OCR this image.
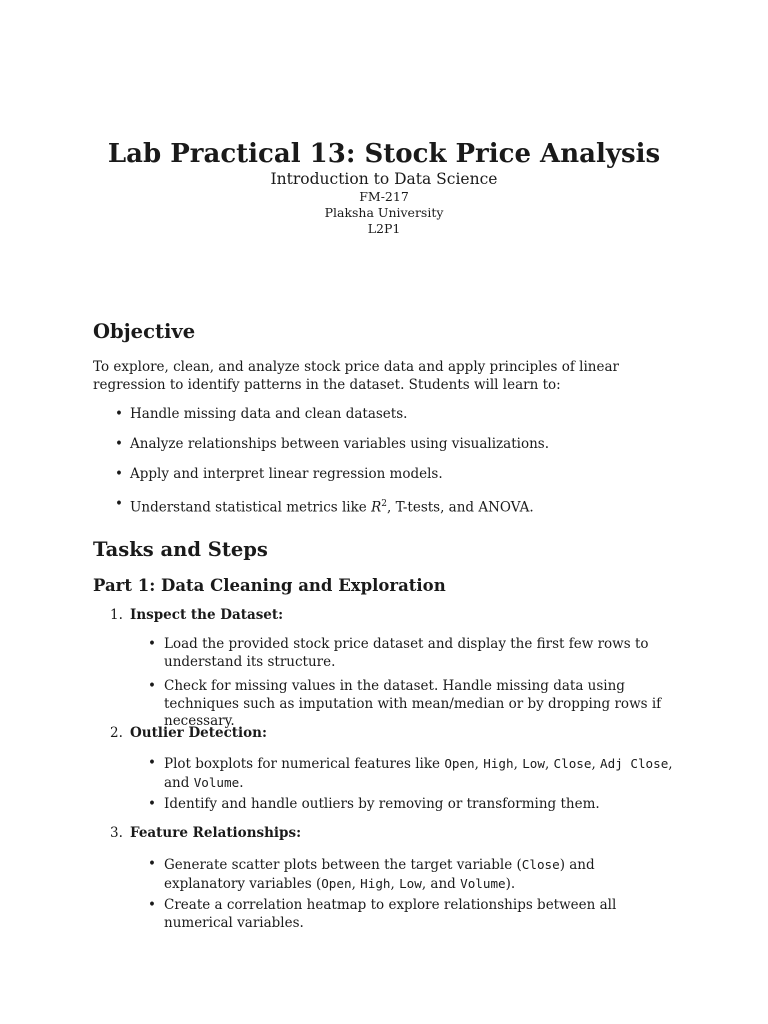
Lab Practical 13: Stock Price Analysis
Introduction to Data Science
FM-217
Plaksha University
L2P1
Objective
To explore, clean, and analyze stock price data and apply principles of linear regression to identify patterns in the dataset. Students will learn to:
• Handle missing data and clean datasets.
• Analyze relationships between variables using visualizations.
• Apply and interpret linear regression models.
• Understand statistical metrics like $R^2$, T-tests, and ANOVA.
Tasks and Steps
Part 1: Data Cleaning and Exploration
1. Inspect the Dataset:
• Load the provided stock price dataset and display the first few rows to understand its structure.
• Check for missing values in the dataset. Handle missing data using techniques such as imputation with mean/median or by dropping rows if necessary.
2. Outlier Detection:
• Plot boxplots for numerical features like Open, High, Low, Close, Adj Close, and Volume.
• Identify and handle outliers by removing or transforming them.
3. Feature Relationships:
• Generate scatter plots between the target variable (Close) and explanatory variables (Open, High, Low, and Volume).
• Create a correlation heatmap to explore relationships between all numerical variables.
